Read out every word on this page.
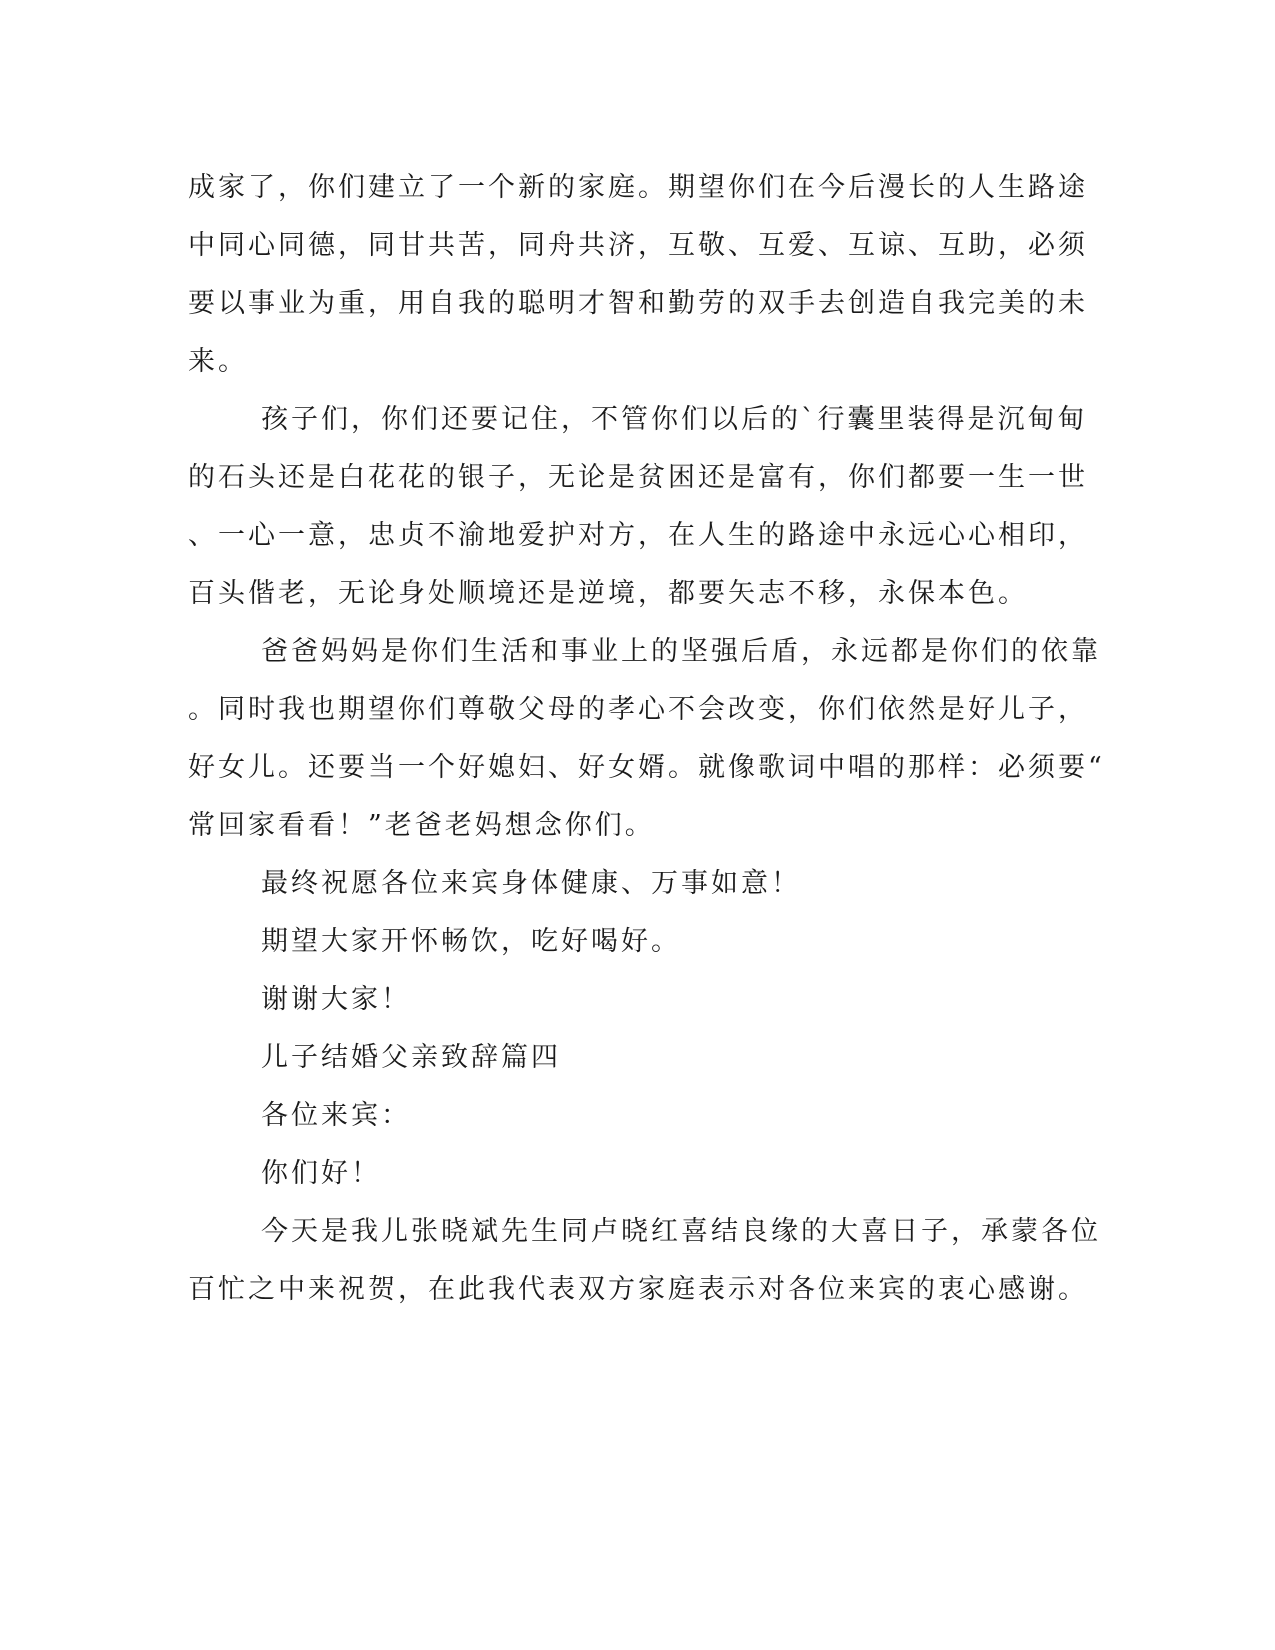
成家了，你们建立了一个新的家庭。期望你们在今后漫长的人生路途

中同心同德，同甘共苦，同舟共济，互敬、互爱、互谅、互助，必须

要以事业为重，用自我的聪明才智和勤劳的双手去创造自我完美的未

来。

孩子们，你们还要记住，不管你们以后的`行囊里装得是沉甸甸

的石头还是白花花的银子，无论是贫困还是富有，你们都要一生一世

、一心一意，忠贞不渝地爱护对方，在人生的路途中永远心心相印，

百头偕老，无论身处顺境还是逆境，都要矢志不移，永保本色。

爸爸妈妈是你们生活和事业上的坚强后盾，永远都是你们的依靠

。同时我也期望你们尊敬父母的孝心不会改变，你们依然是好儿子，

好女儿。还要当一个好媳妇、好女婿。就像歌词中唱的那样：必须要“

常回家看看！”老爸老妈想念你们。

最终祝愿各位来宾身体健康、万事如意！

期望大家开怀畅饮，吃好喝好。

谢谢大家！

儿子结婚父亲致辞篇四

各位来宾：

你们好！

今天是我儿张晓斌先生同卢晓红喜结良缘的大喜日子，承蒙各位

百忙之中来祝贺，在此我代表双方家庭表示对各位来宾的衷心感谢。
